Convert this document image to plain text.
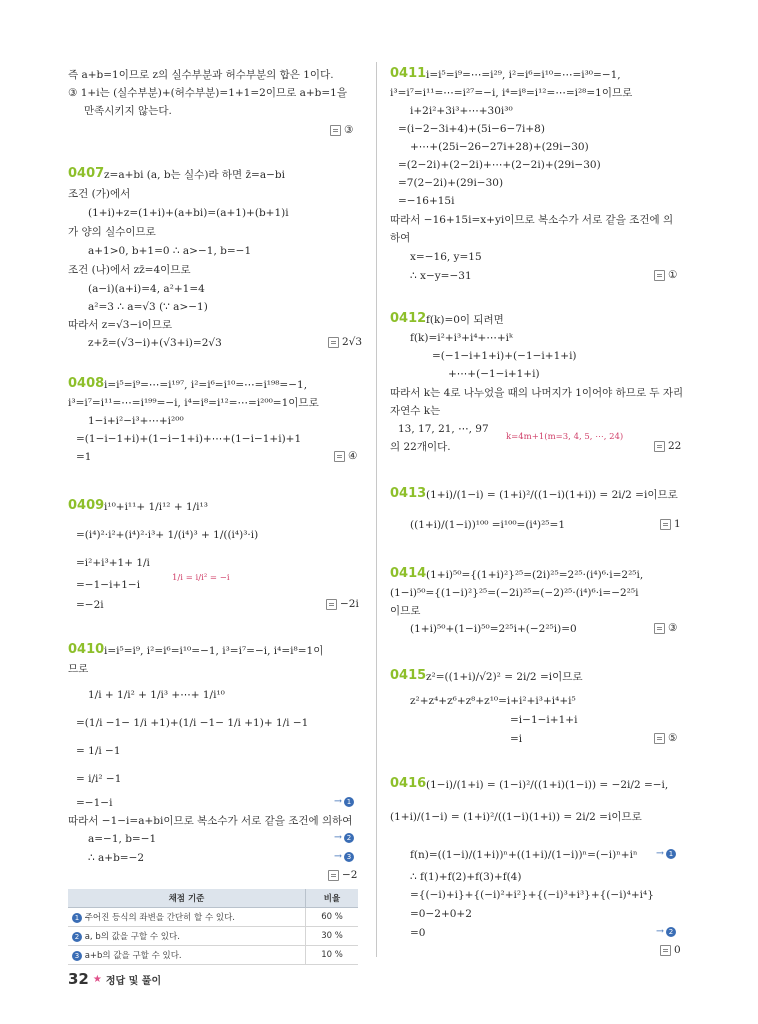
즉 a+b=1이므로 z의 실수부분과 허수부분의 합은 1이다.
③ 1+i는 (실수부분)+(허수부분)=1+1=2이므로 a+b=1을
만족시키지 않는다.
③
0407 z=a+bi (a, b는 실수)라 하면 z̄=a−bi
조건 (가)에서
(1+i)+z=(1+i)+(a+bi)=(a+1)+(b+1)i
가 양의 실수이므로
a+1>0, b+1=0 ∴ a>−1, b=−1
조건 (나)에서 zz̄=4이므로
(a−i)(a+i)=4, a²+1=4
a²=3 ∴ a=√3 (∵ a>−1)
따라서 z=√3−i이므로
z+z̄=(√3−i)+(√3+i)=2√3	2√3
0408 i=i⁵=i⁹=⋯=i¹⁹⁷, i²=i⁶=i¹⁰=⋯=i¹⁹⁸=−1,
i³=i⁷=i¹¹=⋯=i¹⁹⁹=−i, i⁴=i⁸=i¹²=⋯=i²⁰⁰=1이므로
1−i+i²−i³+⋯+i²⁰⁰
=(1−i−1+i)+(1−i−1+i)+⋯+(1−i−1+i)+1
=1	④
0409 i¹⁰+i¹¹+ 1/i¹² + 1/i¹³
=(i⁴)²·i²+(i⁴)²·i³+ 1/(i⁴)³ + 1/((i⁴)³·i)
=i²+i³+1+ 1/i
=−1−i+1−i
1/i = i/i² = −i
=−2i	−2i
0410 i=i⁵=i⁹, i²=i⁶=i¹⁰=−1, i³=i⁷=−i, i⁴=i⁸=1이
므로
1/i + 1/i² + 1/i³ +⋯+ 1/i¹⁰
=(1/i −1− 1/i +1)+(1/i −1− 1/i +1)+ 1/i −1
= 1/i −1
= i/i² −1
=−1−i	→ 1
따라서 −1−i=a+bi이므로 복소수가 서로 같을 조건에 의하여
a=−1, b=−1	→ 2
∴ a+b=−2	→ 3
−2
채점 기준	비율
1 주어진 등식의 좌변을 간단히 할 수 있다.	60 %
2 a, b의 값을 구할 수 있다.	30 %
3 a+b의 값을 구할 수 있다.	10 %
0411 i=i⁵=i⁹=⋯=i²⁹, i²=i⁶=i¹⁰=⋯=i³⁰=−1,
i³=i⁷=i¹¹=⋯=i²⁷=−i, i⁴=i⁸=i¹²=⋯=i²⁸=1이므로
i+2i²+3i³+⋯+30i³⁰
=(i−2−3i+4)+(5i−6−7i+8)
+⋯+(25i−26−27i+28)+(29i−30)
=(2−2i)+(2−2i)+⋯+(2−2i)+(29i−30)
=7(2−2i)+(29i−30)
=−16+15i
따라서 −16+15i=x+yi이므로 복소수가 서로 같을 조건에 의
하여
x=−16, y=15
∴ x−y=−31	①
0412 f(k)=0이 되려면
f(k)=i²+i³+i⁴+⋯+iᵏ
=(−1−i+1+i)+(−1−i+1+i)
+⋯+(−1−i+1+i)
따라서 k는 4로 나누었을 때의 나머지가 1이어야 하므로 두 자리
자연수 k는
13, 17, 21, ⋯, 97
k=4m+1(m=3, 4, 5, ⋯, 24)
의 22개이다.	22
0413 (1+i)/(1−i) = (1+i)²/((1−i)(1+i)) = 2i/2 =i이므로
((1+i)/(1−i))¹⁰⁰ =i¹⁰⁰=(i⁴)²⁵=1	1
0414 (1+i)⁵⁰={(1+i)²}²⁵=(2i)²⁵=2²⁵·(i⁴)⁶·i=2²⁵i,
(1−i)⁵⁰={(1−i)²}²⁵=(−2i)²⁵=(−2)²⁵·(i⁴)⁶·i=−2²⁵i
이므로
(1+i)⁵⁰+(1−i)⁵⁰=2²⁵i+(−2²⁵i)=0	③
0415 z²=((1+i)/√2)² = 2i/2 =i이므로
z²+z⁴+z⁶+z⁸+z¹⁰=i+i²+i³+i⁴+i⁵
=i−1−i+1+i
=i	⑤
0416 (1−i)/(1+i) = (1−i)²/((1+i)(1−i)) = −2i/2 =−i,
(1+i)/(1−i) = (1+i)²/((1−i)(1+i)) = 2i/2 =i이므로
f(n)=((1−i)/(1+i))ⁿ+((1+i)/(1−i))ⁿ=(−i)ⁿ+iⁿ → 1
∴ f(1)+f(2)+f(3)+f(4)
={(−i)+i}+{(−i)²+i²}+{(−i)³+i³}+{(−i)⁴+i⁴}
=0−2+0+2
=0	→ 2
0
32 ★ 정답 및 풀이
